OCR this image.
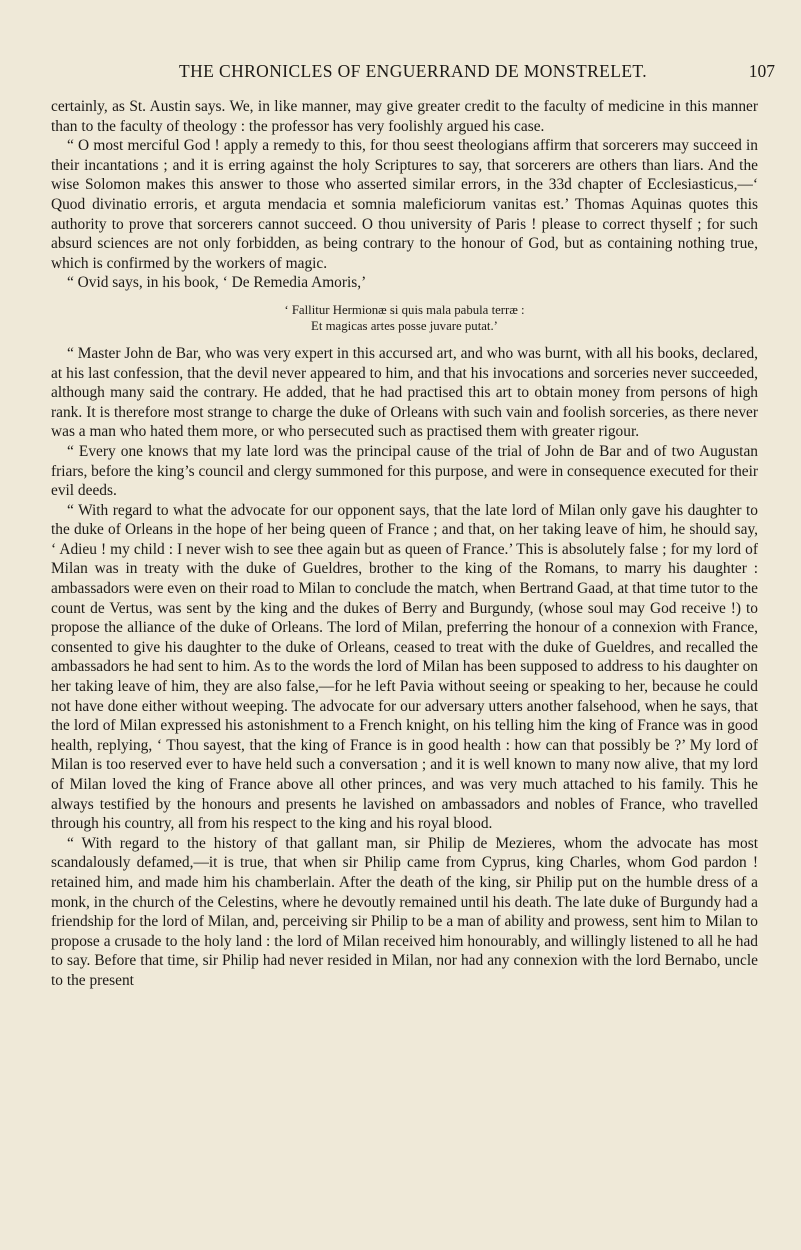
THE CHRONICLES OF ENGUERRAND DE MONSTRELET.	107

certainly, as St. Austin says. We, in like manner, may give greater credit to the faculty of medicine in this manner than to the faculty of theology : the professor has very foolishly argued his case.

“ O most merciful God ! apply a remedy to this, for thou seest theologians affirm that sorcerers may succeed in their incantations ; and it is erring against the holy Scriptures to say, that sorcerers are others than liars. And the wise Solomon makes this answer to those who asserted similar errors, in the 33d chapter of Ecclesiasticus,—‘ Quod divinatio erroris, et arguta mendacia et somnia maleficiorum vanitas est.’ Thomas Aquinas quotes this authority to prove that sorcerers cannot succeed. O thou university of Paris ! please to correct thyself ; for such absurd sciences are not only forbidden, as being contrary to the honour of God, but as containing nothing true, which is confirmed by the workers of magic.

“ Ovid says, in his book, ‘ De Remedia Amoris,’

‘ Fallitur Hermionæ si quis mala pabula terræ :
Et magicas artes posse juvare putat.’

“ Master John de Bar, who was very expert in this accursed art, and who was burnt, with all his books, declared, at his last confession, that the devil never appeared to him, and that his invocations and sorceries never succeeded, although many said the contrary. He added, that he had practised this art to obtain money from persons of high rank. It is therefore most strange to charge the duke of Orleans with such vain and foolish sorceries, as there never was a man who hated them more, or who persecuted such as practised them with greater rigour.

“ Every one knows that my late lord was the principal cause of the trial of John de Bar and of two Augustan friars, before the king’s council and clergy summoned for this purpose, and were in consequence executed for their evil deeds.

“ With regard to what the advocate for our opponent says, that the late lord of Milan only gave his daughter to the duke of Orleans in the hope of her being queen of France ; and that, on her taking leave of him, he should say, ‘ Adieu ! my child : I never wish to see thee again but as queen of France.’ This is absolutely false ; for my lord of Milan was in treaty with the duke of Gueldres, brother to the king of the Romans, to marry his daughter : ambassadors were even on their road to Milan to conclude the match, when Bertrand Gaad, at that time tutor to the count de Vertus, was sent by the king and the dukes of Berry and Burgundy, (whose soul may God receive !) to propose the alliance of the duke of Orleans. The lord of Milan, preferring the honour of a connexion with France, consented to give his daughter to the duke of Orleans, ceased to treat with the duke of Gueldres, and recalled the ambassadors he had sent to him. As to the words the lord of Milan has been supposed to address to his daughter on her taking leave of him, they are also false,—for he left Pavia without seeing or speaking to her, because he could not have done either without weeping. The advocate for our adversary utters another falsehood, when he says, that the lord of Milan expressed his astonishment to a French knight, on his telling him the king of France was in good health, replying, ‘ Thou sayest, that the king of France is in good health : how can that possibly be ?’ My lord of Milan is too reserved ever to have held such a conversation ; and it is well known to many now alive, that my lord of Milan loved the king of France above all other princes, and was very much attached to his family. This he always testified by the honours and presents he lavished on ambassadors and nobles of France, who travelled through his country, all from his respect to the king and his royal blood.

“ With regard to the history of that gallant man, sir Philip de Mezieres, whom the advocate has most scandalously defamed,—it is true, that when sir Philip came from Cyprus, king Charles, whom God pardon ! retained him, and made him his chamberlain. After the death of the king, sir Philip put on the humble dress of a monk, in the church of the Celestins, where he devoutly remained until his death. The late duke of Burgundy had a friendship for the lord of Milan, and, perceiving sir Philip to be a man of ability and prowess, sent him to Milan to propose a crusade to the holy land : the lord of Milan received him honourably, and willingly listened to all he had to say. Before that time, sir Philip had never resided in Milan, nor had any connexion with the lord Bernabo, uncle to the present
